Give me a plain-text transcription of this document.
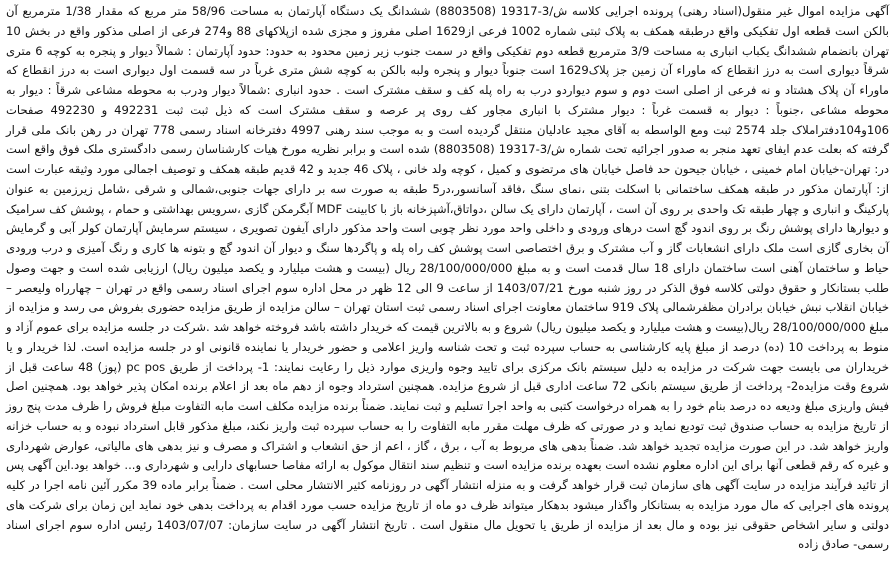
آگهی مزایده اموال غیر منقول(اسناد رهنی) پرونده اجرایی کلاسه ش/3-19317 (8803508) ششدانگ یک دستگاه آپارتمان به مساحت 58/96 متر مربع که مقدار 1/38 مترمربع آن بالکن است قطعه اول تفکیکی واقع درطبقه همکف به پلاک ثبتی شماره 1002 فرعی از1629 اصلی مفروز و مجزی شده ازپلاکهای 88 و274 فرعی از اصلی مذکور واقع در بخش 10 تهران بانضمام ششدانگ یکباب انباری به مساحت 3/9 مترمربع قطعه دوم تفکیکی واقع در سمت جنوب زیر زمین محدود به حدود: حدود آپارتمان : شمالاً دیوار و پنجره به کوچه 6 متری شرقاً دیواری است به درز انقطاع که ماوراء آن زمین جز پلاک1629 است جنوباً دیوار و پنجره ولبه بالکن به کوچه شش متری غرباً در سه قسمت اول دیواری است به درز انقطاع که ماوراء آن پلاک هشتاد و نه فرعی از اصلی است دوم و سوم دیواردو درب به راه پله کف و سقف مشترک است . حدود انباری :شمالاً دیوار ودرب به محوطه مشاعی شرقاً : دیوار به محوطه مشاعی ،جنوباً : دیوار به قسمت غرباً : دیوار مشترک با انباری مجاور کف روی پر عرصه و سقف مشترک است که ذیل ثبت ثبت 492231 و 492230 صفحات 106و104دفتراملاک جلد 2574 ثبت ومع الواسطه به آقای مجید عادلیان منتقل گردیده است و به موجب سند رهنی 4997 دفترخانه اسناد رسمی 778 تهران در رهن بانک ملی قرار گرفته که بعلت عدم ایفای تعهد منجر به صدور اجرائیه تحت شماره ش/3-19317 (8803508) شده است و برابر نظریه مورخ هیات کارشناسان رسمی دادگستری ملک فوق واقع است در: تهران-خیابان امام خمینی ، خیابان جیحون حد فاصل خیابان های مرتضوی و کمیل ، کوچه ولد خانی ، پلاک 46 جدید و 42 قدیم طبقه همکف و توصیف اجمالی مورد وثیقه عبارت است از: آپارتمان مذکور در طبقه همکف ساختمانی با اسکلت بتنی ،نمای سنگ ،فاقد آسانسور،در5 طبقه به صورت سه بر دارای جهات جنوبی،شمالی و شرقی ،شامل زیرزمین به عنوان پارکینگ و انباری و چهار طبقه تک واحدی بر روی آن است ، آپارتمان دارای یک سالن ،دواتاق،آشپزخانه باز با کابینت MDF آبگرمکن گازی ،سرویس بهداشتی و حمام ، پوشش کف سرامیک و دیوارها دارای پوشش رنگ بر روی اندود گچ است درهای ورودی و داخلی واحد مورد نظر چوبی است واحد مذکور دارای آیفون تصویری ، سیستم سرمایش آپارتمان کولر آبی و گرمایش آن بخاری گازی است ملک دارای انشعابات گاز و آب مشترک و برق اختصاصی است پوشش کف راه پله و پاگردها سنگ و دیوار آن اندود گچ و بتونه ها کاری و رنگ آمیزی و درب ورودی حیاط و ساختمان آهنی است ساختمان دارای 18 سال قدمت است و به مبلغ 28/100/000/000 ریال (بیست و هشت میلیارد و یکصد میلیون ریال) ارزیابی شده است و جهت وصول طلب بستانکار و حقوق دولتی کلاسه فوق الذکر در روز شنبه مورخ 1403/07/21 از ساعت 9 الی 12 ظهر در محل اداره سوم اجرای اسناد رسمی واقع در تهران – چهارراه ولیعصر –خیابان انقلاب نبش خیابان برادران مظفرشمالی پلاک 919 ساختمان معاونت اجرای اسناد رسمی ثبت استان تهران – سالن مزایده از طریق مزایده حضوری بفروش می رسد و مزایده از مبلغ 28/100/000/000 ریال(بیست و هشت میلیارد و یکصد میلیون ریال) شروع و به بالاترین قیمت که خریدار داشته باشد فروخته خواهد شد .شرکت در جلسه مزایده برای عموم آزاد و منوط به پرداخت 10 (ده) درصد از مبلغ پایه کارشناسی به حساب سپرده ثبت و تحت شناسه واریز اعلامی و حضور خریدار یا نماینده قانونی او در جلسه مزایده است. لذا خریدار و یا خریداران می بایست جهت شرکت در مزایده به دلیل سیستم بانک مرکزی برای تایید وجوه واریزی موارد ذیل را رعایت نمایند: 1- پرداخت از طریق pc pos (پوز) 48 ساعت قبل از شروع وقت مزایده2- پرداخت از طریق سیستم بانکی 72 ساعت اداری قبل از شروع مزایده. همچنین استرداد وجوه از دهم ماه بعد از اعلام برنده امکان پذیر خواهد بود. همچنین اصل فیش واریزی مبلغ ودیعه ده درصد بنام خود را به همراه درخواست کتبی به واحد اجرا تسلیم و ثبت نمایند. ضمناً برنده مزایده مکلف است مابه التفاوت مبلغ فروش را ظرف مدت پنج روز از تاریخ مزایده به حساب صندوق ثبت تودیع نماید و در صورتی که ظرف مهلت مقرر مابه التفاوت را به حساب سپرده ثبت واریز نکند، مبلغ مذکور قابل استرداد نبوده و به حساب خزانه واریز خواهد شد. در این صورت مزایده تجدید خواهد شد. ضمناً بدهی های مربوط به آب ، برق ، گاز ، اعم از حق انشعاب و اشتراک و مصرف و نیز بدهی های مالیاتی، عوارض شهرداری و غیره که رقم قطعی آنها برای این اداره معلوم نشده است بعهده برنده مزایده است و تنظیم سند انتقال موکول به ارائه مفاصا حسابهای دارایی و شهرداری و... خواهد بود.این آگهی پس از تائید فرآیند مزایده در سایت آگهی های سازمان ثبت قرار خواهد گرفت و به منزله انتشار آگهی در روزنامه کثیر الانتشار محلی است . ضمناً برابر ماده 39 مکرر آئین نامه اجرا در کلیه پرونده های اجرایی که مال مورد مزایده به بستانکار واگذار میشود بدهکار میتواند ظرف دو ماه از تاریخ مزایده حسب مورد اقدام به پرداخت بدهی خود نماید این زمان برای شرکت های دولتی و سایر اشخاص حقوقی نیز بوده و مال بعد از مزایده از طریق یا تحویل مال منقول است . تاریخ انتشار آگهی در سایت سازمان: 1403/07/07 رئیس اداره سوم اجرای اسناد رسمی- صادق زاده
